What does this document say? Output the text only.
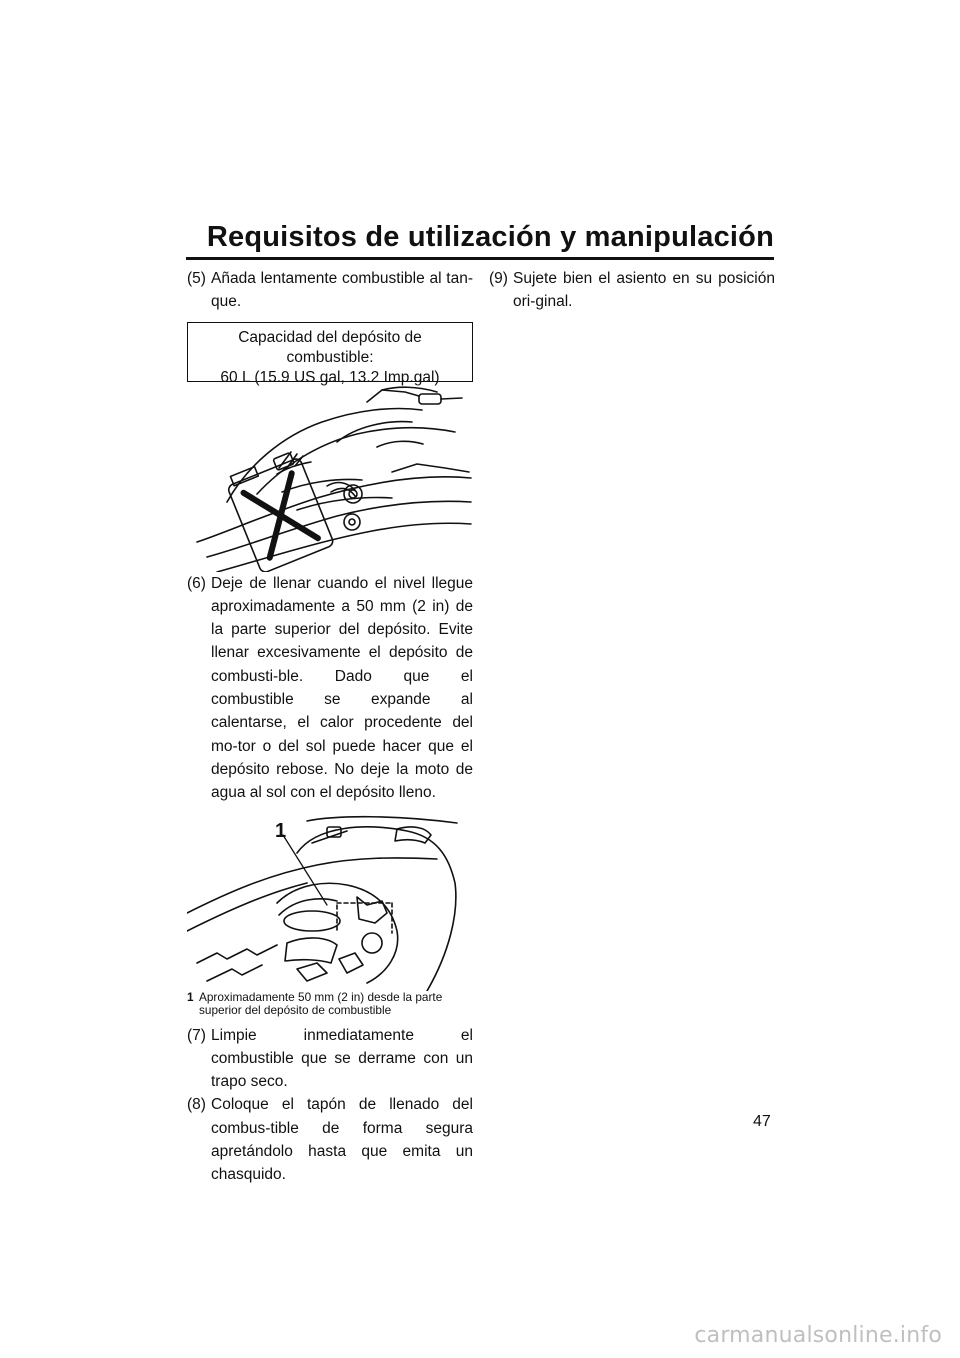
Requisitos de utilización y manipulación

(5) Añada lentamente combustible al tan-que.

Capacidad del depósito de combustible:
60 L (15.9 US gal, 13.2 Imp.gal)

(6) Deje de llenar cuando el nivel llegue aproximadamente a 50 mm (2 in) de la parte superior del depósito. Evite llenar excesivamente el depósito de combusti-ble. Dado que el combustible se expande al calentarse, el calor procedente del mo-tor o del sol puede hacer que el depósito rebose. No deje la moto de agua al sol con el depósito lleno.

1

1 Aproximadamente 50 mm (2 in) desde la parte superior del depósito de combustible

(7) Limpie inmediatamente el combustible que se derrame con un trapo seco.

(8) Coloque el tapón de llenado del combus-tible de forma segura apretándolo hasta que emita un chasquido.

(9) Sujete bien el asiento en su posición ori-ginal.

47
carmanualsonline.info
